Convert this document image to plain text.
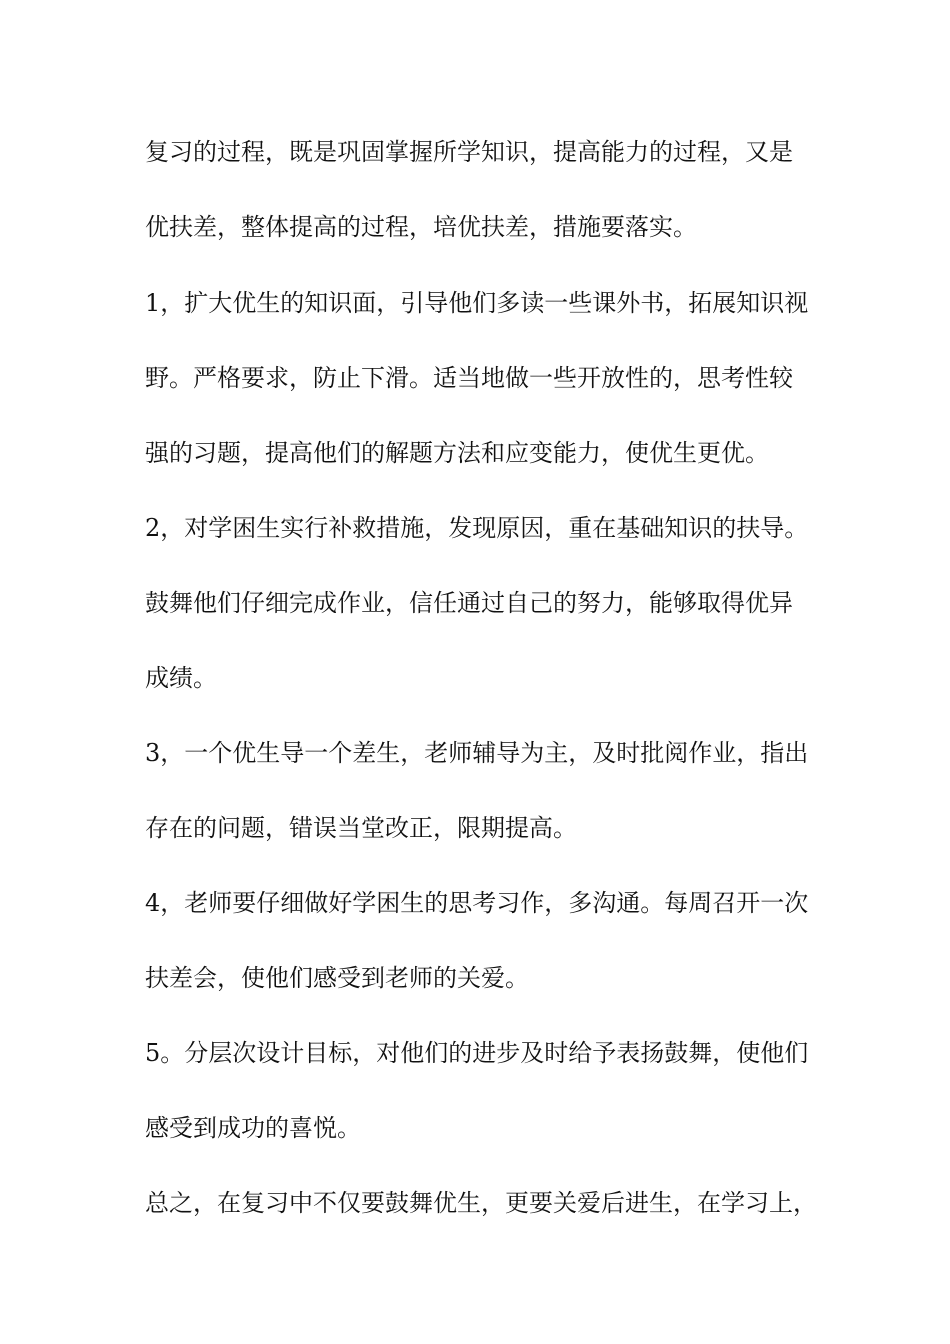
复习的过程，既是巩固掌握所学知识，提高能力的过程，又是
优扶差，整体提高的过程，培优扶差，措施要落实。
1，扩大优生的知识面，引导他们多读一些课外书，拓展知识视
野。严格要求，防止下滑。适当地做一些开放性的，思考性较
强的习题，提高他们的解题方法和应变能力，使优生更优。
2，对学困生实行补救措施，发现原因，重在基础知识的扶导。
鼓舞他们仔细完成作业，信任通过自己的努力，能够取得优异
成绩。
3，一个优生导一个差生，老师辅导为主，及时批阅作业，指出
存在的问题，错误当堂改正，限期提高。
4，老师要仔细做好学困生的思考习作，多沟通。每周召开一次
扶差会，使他们感受到老师的关爱。
5。分层次设计目标，对他们的进步及时给予表扬鼓舞，使他们
感受到成功的喜悦。
总之，在复习中不仅要鼓舞优生，更要关爱后进生，在学习上，
